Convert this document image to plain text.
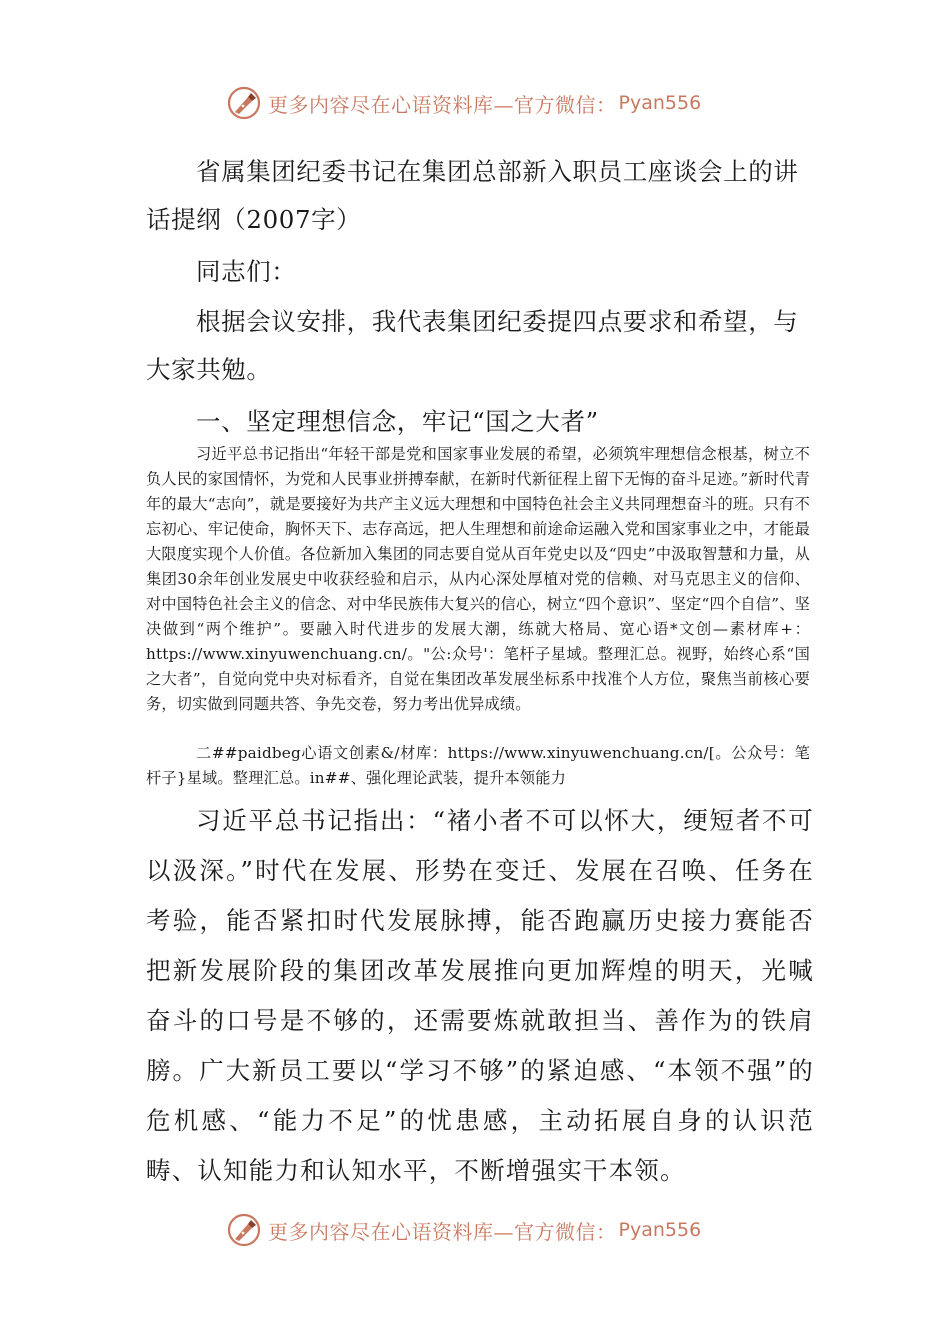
更多内容尽在心语资料库—官方微信： Pyan556

省属集团纪委书记在集团总部新入职员工座谈会上的讲话提纲（2007字）

同志们：

根据会议安排，我代表集团纪委提四点要求和希望，与大家共勉。

一、坚定理想信念，牢记“国之大者”

习近平总书记指出“年轻干部是党和国家事业发展的希望，必须筑牢理想信念根基，树立不负人民的家国情怀，为党和人民事业拼搏奉献，在新时代新征程上留下无悔的奋斗足迹。”新时代青年的最大“志向”，就是要接好为共产主义远大理想和中国特色社会主义共同理想奋斗的班。只有不忘初心、牢记使命，胸怀天下、志存高远，把人生理想和前途命运融入党和国家事业之中，才能最大限度实现个人价值。各位新加入集团的同志要自觉从百年党史以及“四史”中汲取智慧和力量，从集团30余年创业发展史中收获经验和启示，从内心深处厚植对党的信赖、对马克思主义的信仰、对中国特色社会主义的信念、对中华民族伟大复兴的信心，树立“四个意识”、坚定“四个自信”、坚决做到“两个维护”。要融入时代进步的发展大潮，练就大格局、宽心语*文创—素材库+：https://www.xinyuwenchuang.cn/。"公:众号'：笔杆子星域。整理汇总。视野，始终心系“国之大者”，自觉向党中央对标看齐，自觉在集团改革发展坐标系中找准个人方位，聚焦当前核心要务，切实做到同题共答、争先交卷，努力考出优异成绩。

二##paidbeg心语文创素&/材库：https://www.xinyuwenchuang.cn/[。公众号：笔杆子}星域。整理汇总。in##、强化理论武装，提升本领能力

习近平总书记指出：“褚小者不可以怀大，绠短者不可以汲深。”时代在发展、形势在变迁、发展在召唤、任务在考验，能否紧扣时代发展脉搏，能否跑赢历史接力赛能否把新发展阶段的集团改革发展推向更加辉煌的明天，光喊奋斗的口号是不够的，还需要炼就敢担当、善作为的铁肩膀。广大新员工要以“学习不够”的紧迫感、“本领不强”的危机感、“能力不足”的忧患感，主动拓展自身的认识范畴、认知能力和认知水平，不断增强实干本领。

更多内容尽在心语资料库—官方微信： Pyan556
